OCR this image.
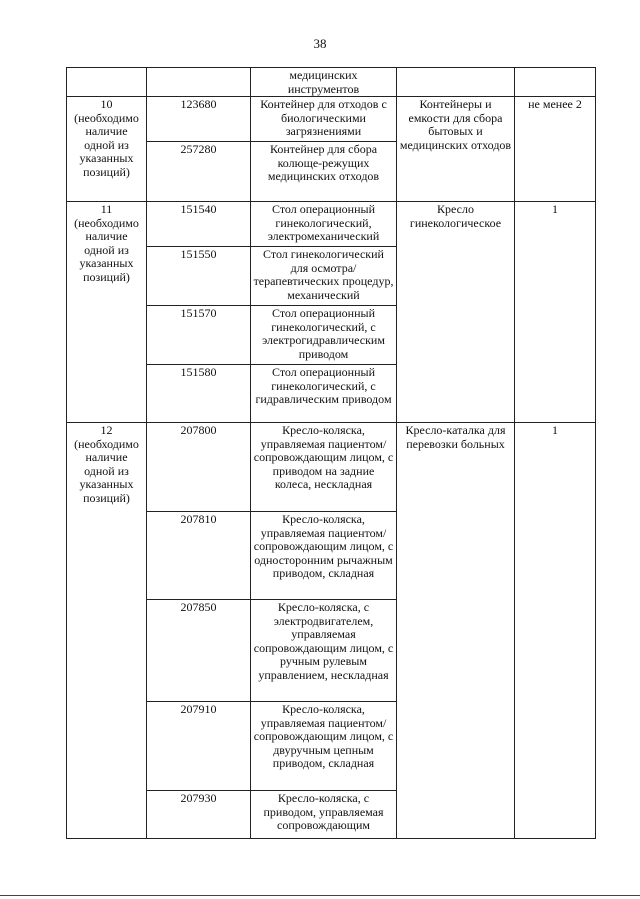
38
		медицинских инструментов		
10 (необходимо наличие одной из указанных позиций)	123680	Контейнер для отходов с биологическими загрязнениями	Контейнеры и емкости для сбора бытовых и медицинских отходов	не менее 2
	257280	Контейнер для сбора колюще-режущих медицинских отходов		
11 (необходимо наличие одной из указанных позиций)	151540	Стол операционный гинекологический, электромеханический	Кресло гинекологическое	1
	151550	Стол гинекологический для осмотра/ терапевтических процедур, механический		
	151570	Стол операционный гинекологический, с электрогидравлическим приводом		
	151580	Стол операционный гинекологический, с гидравлическим приводом		
12 (необходимо наличие одной из указанных позиций)	207800	Кресло-коляска, управляемая пациентом/ сопровождающим лицом, с приводом на задние колеса, нескладная	Кресло-каталка для перевозки больных	1
	207810	Кресло-коляска, управляемая пациентом/ сопровождающим лицом, с односторонним рычажным приводом, складная		
	207850	Кресло-коляска, с электродвигателем, управляемая сопровождающим лицом, с ручным рулевым управлением, нескладная		
	207910	Кресло-коляска, управляемая пациентом/ сопровождающим лицом, с двуручным цепным приводом, складная		
	207930	Кресло-коляска, с приводом, управляемая сопровождающим		
